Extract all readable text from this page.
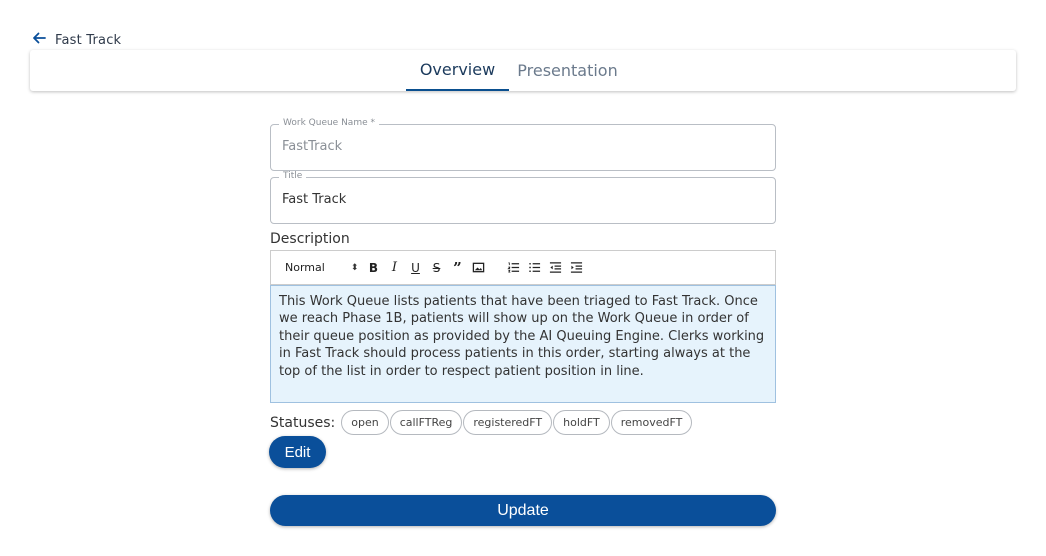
Fast Track
Overview	Presentation
Work Queue Name *
FastTrack
Title
Fast Track
Description
Normal	⬍ B I U S ”
This Work Queue lists patients that have been triaged to Fast Track. Once we reach Phase 1B, patients will show up on the Work Queue in order of their queue position as provided by the AI Queuing Engine. Clerks working in Fast Track should process patients in this order, starting always at the top of the list in order to respect patient position in line.
Statuses:	open	callFTReg	registeredFT	holdFT	removedFT
Edit
Update
